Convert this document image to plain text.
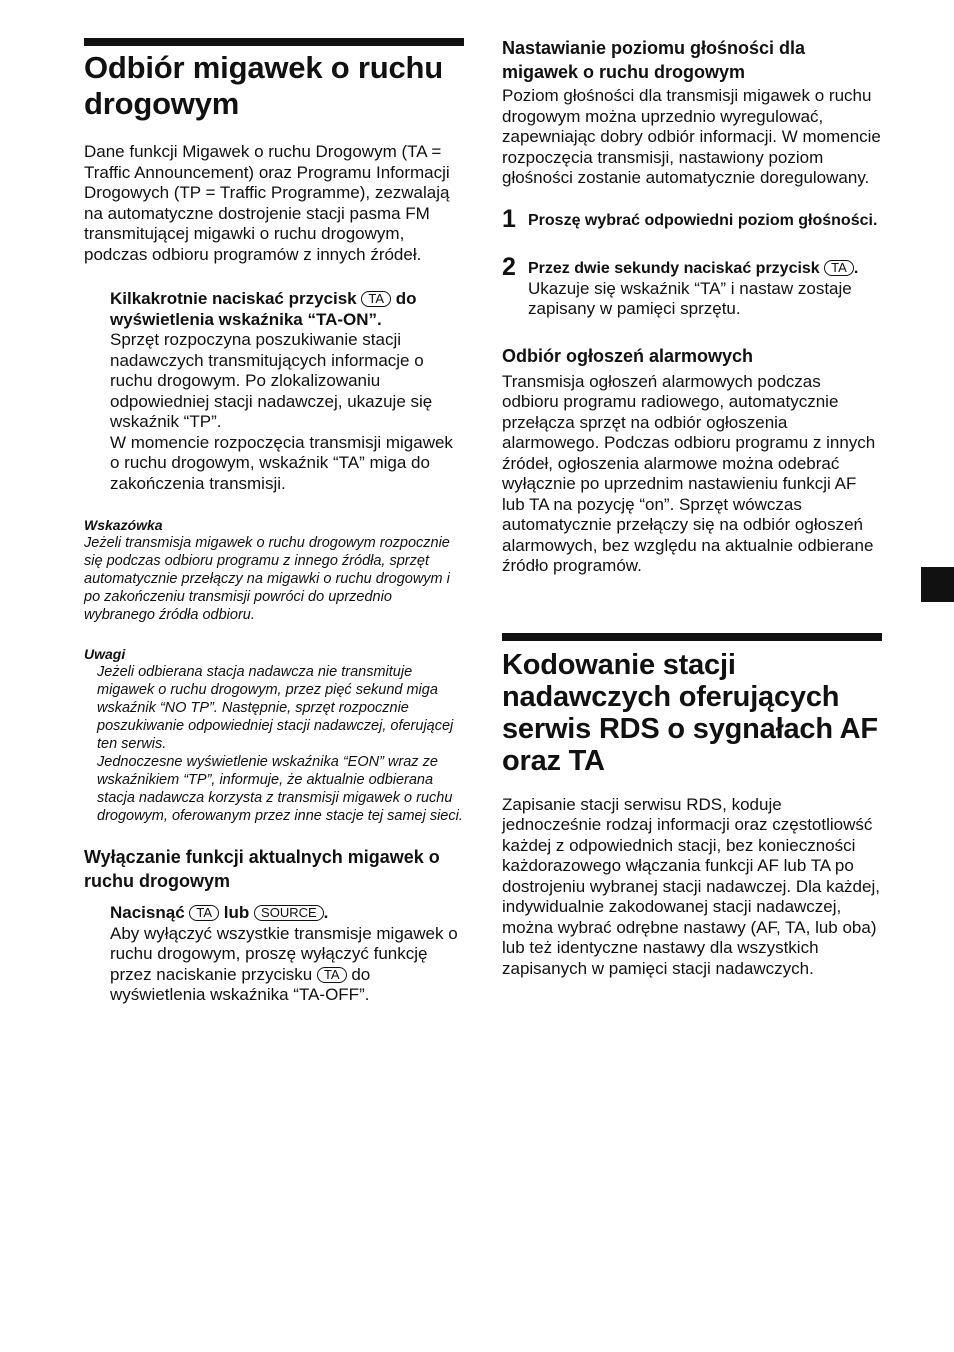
Odbiór migawek o ruchu drogowym

Dane funkcji Migawek o ruchu Drogowym (TA = Traffic Announcement) oraz Programu Informacji Drogowych (TP = Traffic Programme), zezwalają na automatyczne dostrojenie stacji pasma FM transmitującej migawki o ruchu drogowym, podczas odbioru programów z innych źródeł.

Kilkakrotnie naciskać przycisk TA do wyświetlenia wskaźnika “TA-ON”.

Sprzęt rozpoczyna poszukiwanie stacji nadawczych transmitujących informacje o ruchu drogowym. Po zlokalizowaniu odpowiedniej stacji nadawczej, ukazuje się wskaźnik “TP”.

W momencie rozpoczęcia transmisji migawek o ruchu drogowym, wskaźnik “TA” miga do zakończenia transmisji.

Wskazówka

Jeżeli transmisja migawek o ruchu drogowym rozpocznie się podczas odbioru programu z innego źródła, sprzęt automatycznie przełączy na migawki o ruchu drogowym i po zakończeniu transmisji powróci do uprzednio wybranego źródła odbioru.

Uwagi

Jeżeli odbierana stacja nadawcza nie transmituje migawek o ruchu drogowym, przez pięć sekund miga wskaźnik “NO TP”. Następnie, sprzęt rozpocznie poszukiwanie odpowiedniej stacji nadawczej, oferującej ten serwis.

Jednoczesne wyświetlenie wskaźnika “EON” wraz ze wskaźnikiem “TP”, informuje, że aktualnie odbierana stacja nadawcza korzysta z transmisji migawek o ruchu drogowym, oferowanym przez inne stacje tej samej sieci.

Wyłączanie funkcji aktualnych migawek o ruchu drogowym

Nacisnąć TA lub SOURCE .

Aby wyłączyć wszystkie transmisje migawek o ruchu drogowym, proszę wyłączyć funkcję przez naciskanie przycisku TA do wyświetlenia wskaźnika “TA-OFF”.

Nastawianie poziomu głośności dla migawek o ruchu drogowym

Poziom głośności dla transmisji migawek o ruchu drogowym można uprzednio wyregulować, zapewniając dobry odbiór informacji. W momencie rozpoczęcia transmisji, nastawiony poziom głośności zostanie automatycznie doregulowany.

1 Proszę wybrać odpowiedni poziom głośności.
2 Przez dwie sekundy naciskać przycisk TA .

Ukazuje się wskaźnik “TA” i nastaw zostaje zapisany w pamięci sprzętu.

Odbiór ogłoszeń alarmowych

Transmisja ogłoszeń alarmowych podczas odbioru programu radiowego, automatycznie przełącza sprzęt na odbiór ogłoszenia alarmowego. Podczas odbioru programu z innych źródeł, ogłoszenia alarmowe można odebrać wyłącznie po uprzednim nastawieniu funkcji AF lub TA na pozycję “on”. Sprzęt wówczas automatycznie przełączy się na odbiór ogłoszeń alarmowych, bez względu na aktualnie odbierane źródło programów.

Kodowanie stacji nadawczych oferujących serwis RDS o sygnałach AF oraz TA

Zapisanie stacji serwisu RDS, koduje jednocześnie rodzaj informacji oraz częstotliowść każdej z odpowiednich stacji, bez konieczności każdorazowego włączania funkcji AF lub TA po dostrojeniu wybranej stacji nadawczej. Dla każdej, indywidualnie zakodowanej stacji nadawczej, można wybrać odrębne nastawy (AF, TA, lub oba) lub też identyczne nastawy dla wszystkich zapisanych w pamięci stacji nadawczych.
